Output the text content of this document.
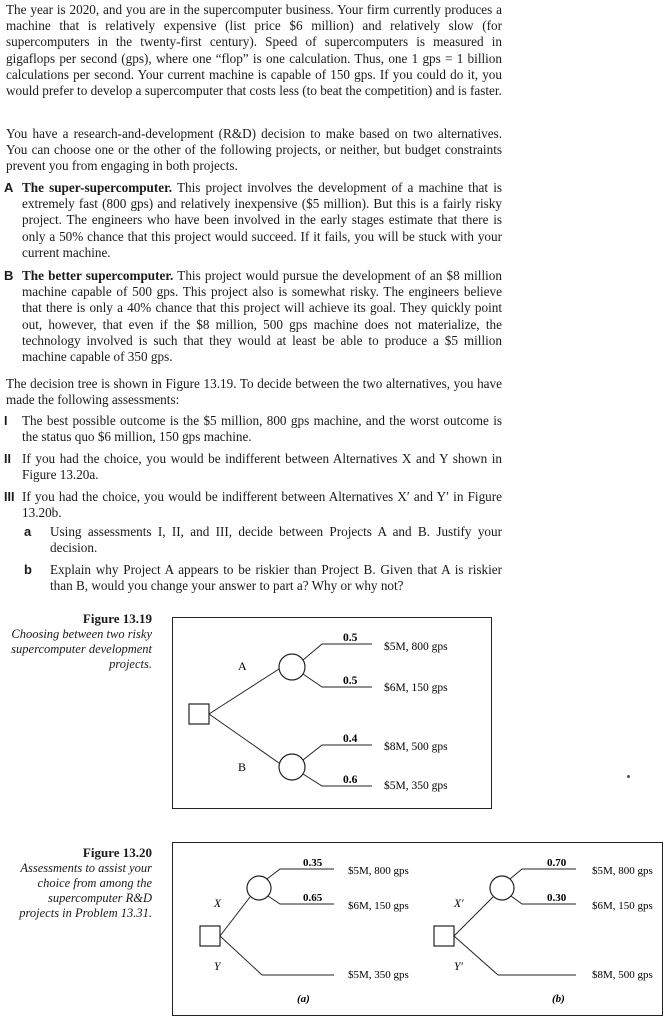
The year is 2020, and you are in the supercomputer business. Your firm currently produces a machine that is relatively expensive (list price $6 million) and relatively slow (for supercomputers in the twenty-first century). Speed of supercomputers is measured in gigaflops per second (gps), where one “flop” is one calculation. Thus, one 1 gps = 1 billion calculations per second. Your current machine is capable of 150 gps. If you could do it, you would prefer to develop a supercomputer that costs less (to beat the competition) and is faster.
You have a research-and-development (R&D) decision to make based on two alternatives. You can choose one or the other of the following projects, or neither, but budget constraints prevent you from engaging in both projects.
A The super-supercomputer. This project involves the development of a machine that is extremely fast (800 gps) and relatively inexpensive ($5 million). But this is a fairly risky project. The engineers who have been involved in the early stages estimate that there is only a 50% chance that this project would succeed. If it fails, you will be stuck with your current machine.
B The better supercomputer. This project would pursue the development of an $8 million machine capable of 500 gps. This project also is somewhat risky. The engineers believe that there is only a 40% chance that this project will achieve its goal. They quickly point out, however, that even if the $8 million, 500 gps machine does not materialize, the technology involved is such that they would at least be able to produce a $5 million machine capable of 350 gps.
The decision tree is shown in Figure 13.19. To decide between the two alternatives, you have made the following assessments:
I The best possible outcome is the $5 million, 800 gps machine, and the worst outcome is the status quo $6 million, 150 gps machine.
II If you had the choice, you would be indifferent between Alternatives X and Y shown in Figure 13.20a.
III If you had the choice, you would be indifferent between Alternatives X′ and Y′ in Figure 13.20b.
a Using assessments I, II, and III, decide between Projects A and B. Justify your decision.
b Explain why Project A appears to be riskier than Project B. Given that A is riskier than B, would you change your answer to part a? Why or why not?
Figure 13.19
Choosing between two risky supercomputer development projects.	A
B
0.5
0.5
0.4
0.6
$5M, 800 gps
$6M, 150 gps
$8M, 500 gps
$5M, 350 gps
Figure 13.20
Assessments to assist your choice from among the supercomputer R&D projects in Problem 13.31.
X
Y
0.35
0.65
$5M, 800 gps
$6M, 150 gps
$5M, 350 gps
(a)
X′
Y′
0.70
0.30
$5M, 800 gps
$6M, 150 gps
$8M, 500 gps
(b)
